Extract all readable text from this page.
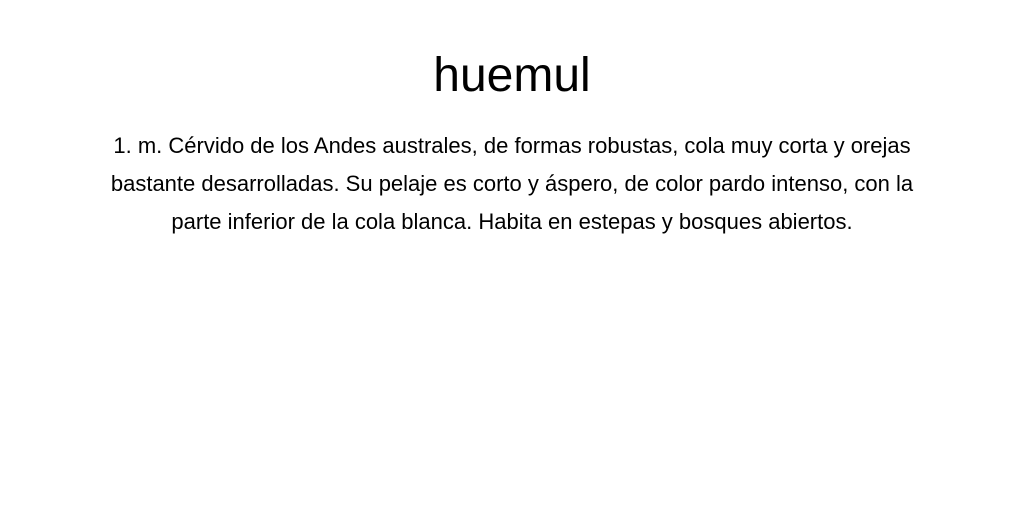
huemul

1. m. Cérvido de los Andes australes, de formas robustas, cola muy corta y orejas bastante desarrolladas. Su pelaje es corto y áspero, de color pardo intenso, con la parte inferior de la cola blanca. Habita en estepas y bosques abiertos.
